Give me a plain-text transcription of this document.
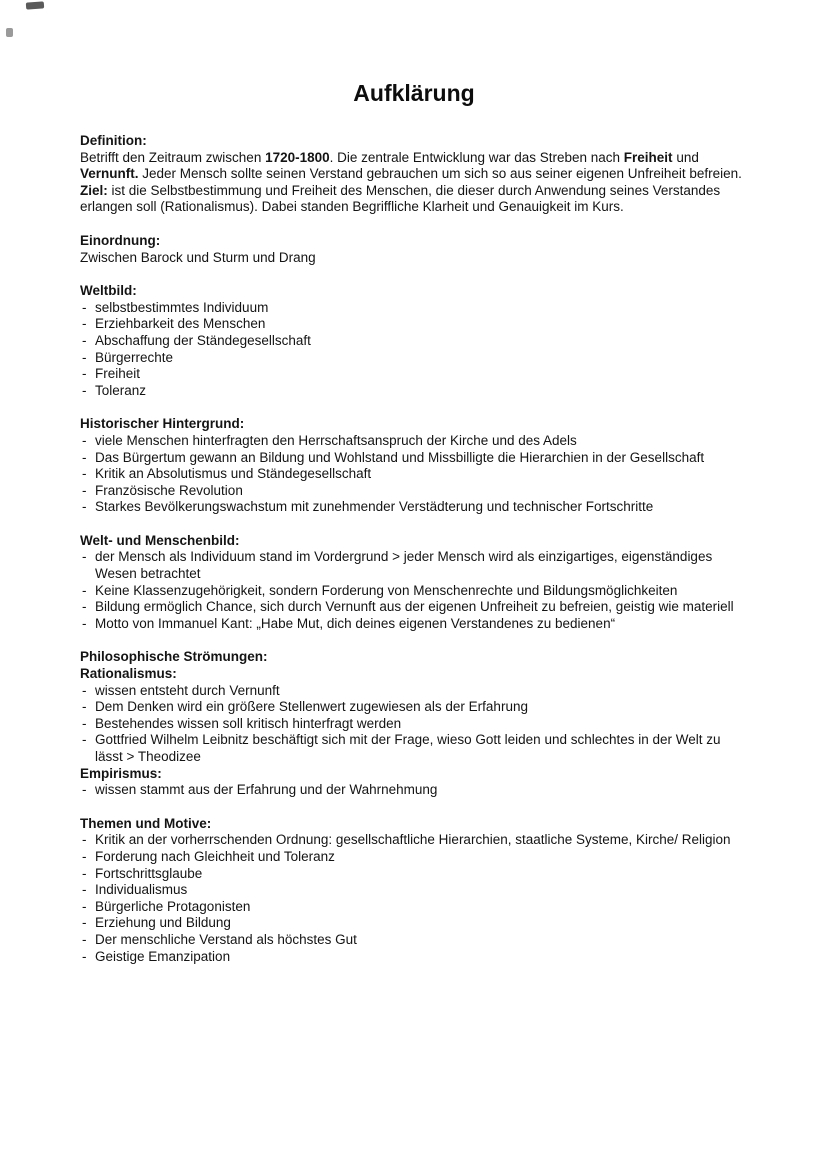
Aufklärung
Definition:

Betrifft den Zeitraum zwischen 1720-1800. Die zentrale Entwicklung war das Streben nach Freiheit und Vernunft. Jeder Mensch sollte seinen Verstand gebrauchen um sich so aus seiner eigenen Unfreiheit befreien.

Ziel: ist die Selbstbestimmung und Freiheit des Menschen, die dieser durch Anwendung seines Verstandes erlangen soll (Rationalismus). Dabei standen Begriffliche Klarheit und Genauigkeit im Kurs.

Einordnung:

Zwischen Barock und Sturm und Drang

Weltbild:
- selbstbestimmtes Individuum
- Erziehbarkeit des Menschen
- Abschaffung der Ständegesellschaft
- Bürgerrechte
- Freiheit
- Toleranz
Historischer Hintergrund:
- viele Menschen hinterfragten den Herrschaftsanspruch der Kirche und des Adels
- Das Bürgertum gewann an Bildung und Wohlstand und Missbilligte die Hierarchien in der Gesellschaft
- Kritik an Absolutismus und Ständegesellschaft
- Französische Revolution
- Starkes Bevölkerungswachstum mit zunehmender Verstädterung und technischer Fortschritte
Welt- und Menschenbild:
- der Mensch als Individuum stand im Vordergrund > jeder Mensch wird als einzigartiges, eigenständiges Wesen betrachtet
- Keine Klassenzugehörigkeit, sondern Forderung von Menschenrechte und Bildungsmöglichkeiten
- Bildung ermöglich Chance, sich durch Vernunft aus der eigenen Unfreiheit zu befreien, geistig wie materiell
- Motto von Immanuel Kant: „Habe Mut, dich deines eigenen Verstandenes zu bedienen“
Philosophische Strömungen:
Rationalismus:
- wissen entsteht durch Vernunft
- Dem Denken wird ein größere Stellenwert zugewiesen als der Erfahrung
- Bestehendes wissen soll kritisch hinterfragt werden
- Gottfried Wilhelm Leibnitz beschäftigt sich mit der Frage, wieso Gott leiden und schlechtes in der Welt zu lässt > Theodizee
Empirismus:
- wissen stammt aus der Erfahrung und der Wahrnehmung
Themen und Motive:
- Kritik an der vorherrschenden Ordnung: gesellschaftliche Hierarchien, staatliche Systeme, Kirche/ Religion
- Forderung nach Gleichheit und Toleranz
- Fortschrittsglaube
- Individualismus
- Bürgerliche Protagonisten
- Erziehung und Bildung
- Der menschliche Verstand als höchstes Gut
- Geistige Emanzipation
